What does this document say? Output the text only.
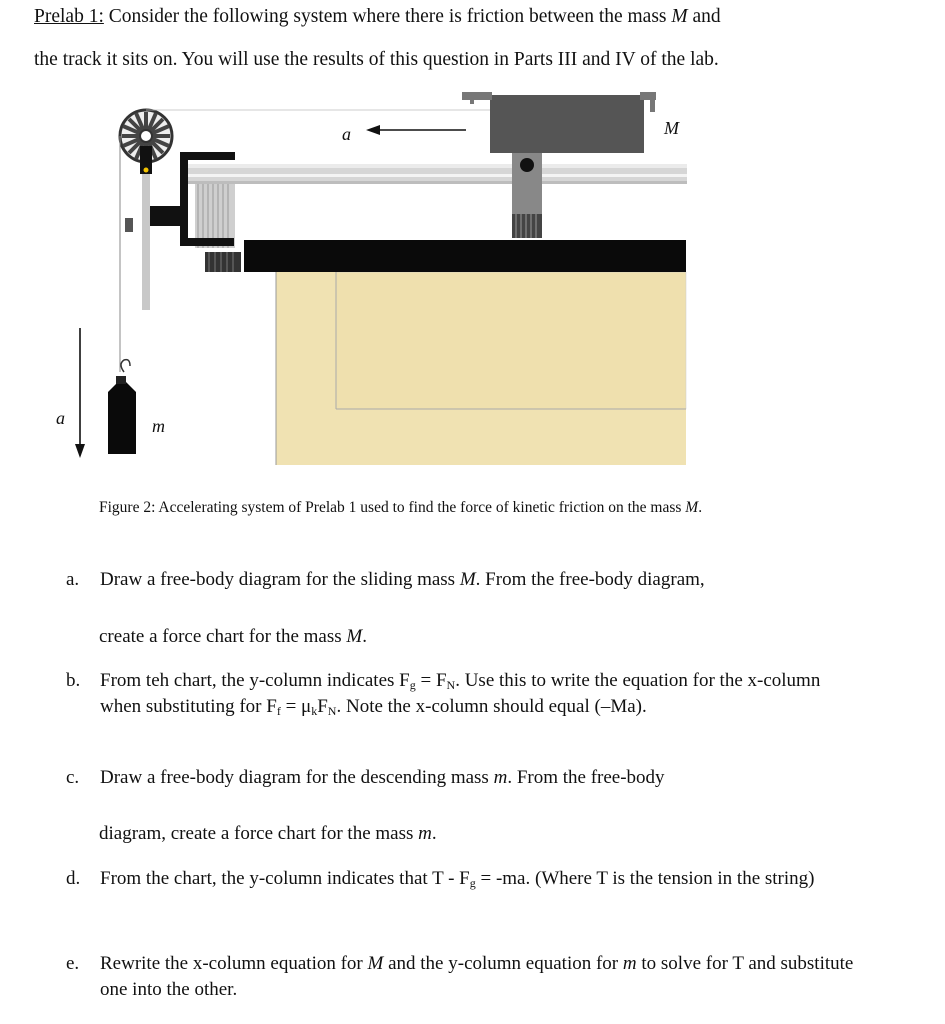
Prelab 1: Consider the following system where there is friction between the mass M and
the track it sits on. You will use the results of this question in Parts III and IV of the lab.
a	M
a	m
Figure 2: Accelerating system of Prelab 1 used to find the force of kinetic friction on the mass M.
a. Draw a free-body diagram for the sliding mass M. From the free-body diagram,
create a force chart for the mass M.
b. From teh chart, the y-column indicates $F_g = F_N$. Use this to write the equation for the x-column when substituting for $F_f = \mu_kF_N$. Note the x-column should equal (–Ma).
c. Draw a free-body diagram for the descending mass m. From the free-body
diagram, create a force chart for the mass m.
d. From the chart, the y-column indicates that $T - F_g = -ma$. (Where T is the tension in the string)
e. Rewrite the x-column equation for M and the y-column equation for m to solve for T and substitute one into the other.
